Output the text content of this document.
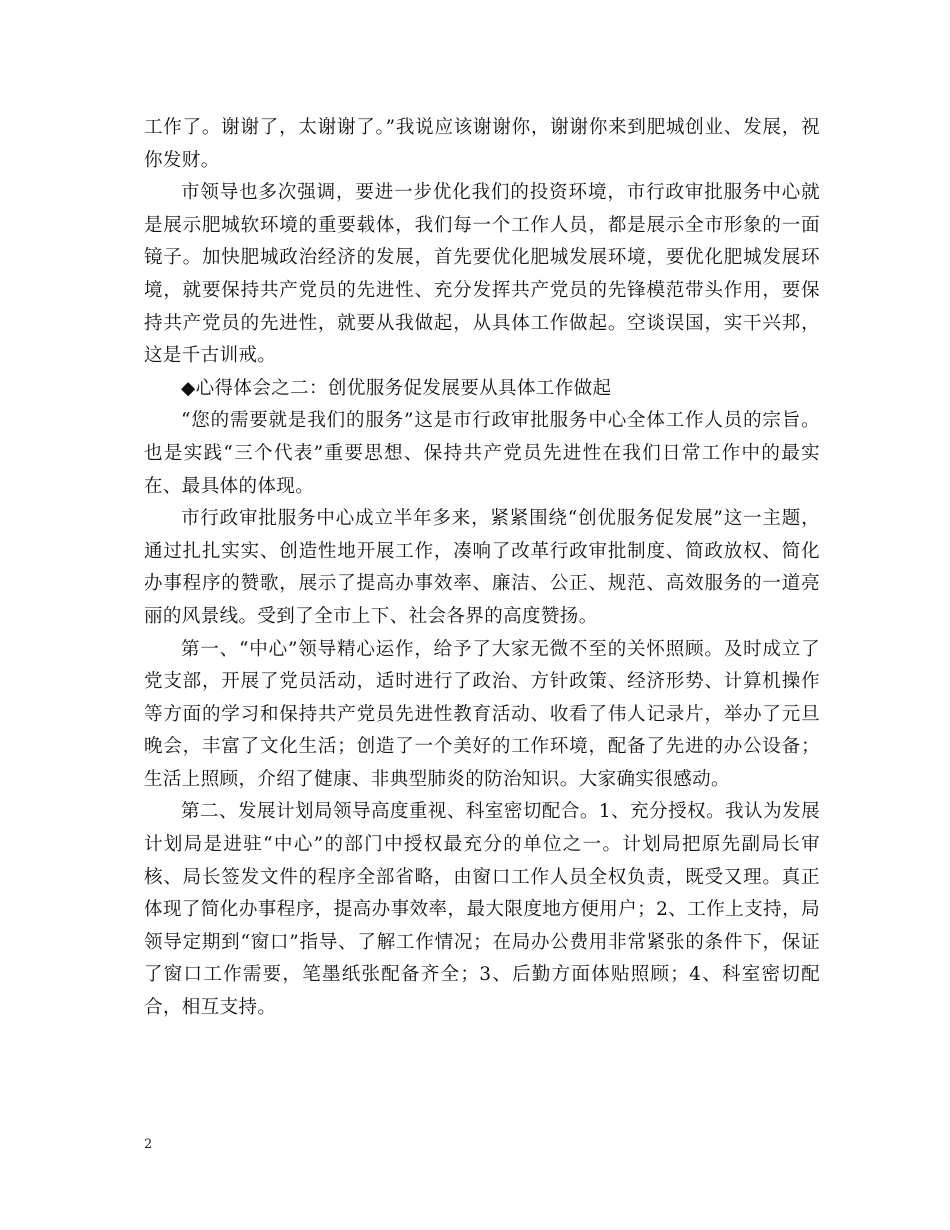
工作了。谢谢了，太谢谢了。”我说应该谢谢你，谢谢你来到肥城创业、发展，祝你发财。

市领导也多次强调，要进一步优化我们的投资环境，市行政审批服务中心就是展示肥城软环境的重要载体，我们每一个工作人员，都是展示全市形象的一面镜子。加快肥城政治经济的发展，首先要优化肥城发展环境，要优化肥城发展环境，就要保持共产党员的先进性、充分发挥共产党员的先锋模范带头作用，要保持共产党员的先进性，就要从我做起，从具体工作做起。空谈误国，实干兴邦，这是千古训戒。

◆心得体会之二：创优服务促发展要从具体工作做起

“您的需要就是我们的服务”这是市行政审批服务中心全体工作人员的宗旨。也是实践“三个代表”重要思想、保持共产党员先进性在我们日常工作中的最实在、最具体的体现。

市行政审批服务中心成立半年多来，紧紧围绕“创优服务促发展”这一主题，通过扎扎实实、创造性地开展工作，凑响了改革行政审批制度、简政放权、简化办事程序的赞歌，展示了提高办事效率、廉洁、公正、规范、高效服务的一道亮丽的风景线。受到了全市上下、社会各界的高度赞扬。

第一、“中心”领导精心运作，给予了大家无微不至的关怀照顾。及时成立了党支部，开展了党员活动，适时进行了政治、方针政策、经济形势、计算机操作等方面的学习和保持共产党员先进性教育活动、收看了伟人记录片，举办了元旦晚会，丰富了文化生活；创造了一个美好的工作环境，配备了先进的办公设备；生活上照顾，介绍了健康、非典型肺炎的防治知识。大家确实很感动。

第二、发展计划局领导高度重视、科室密切配合。1、充分授权。我认为发展计划局是进驻“中心”的部门中授权最充分的单位之一。计划局把原先副局长审核、局长签发文件的程序全部省略，由窗口工作人员全权负责，既受又理。真正体现了简化办事程序，提高办事效率，最大限度地方便用户；2、工作上支持，局领导定期到“窗口”指导、了解工作情况；在局办公费用非常紧张的条件下，保证了窗口工作需要，笔墨纸张配备齐全；3、后勤方面体贴照顾；4、科室密切配合，相互支持。

2
